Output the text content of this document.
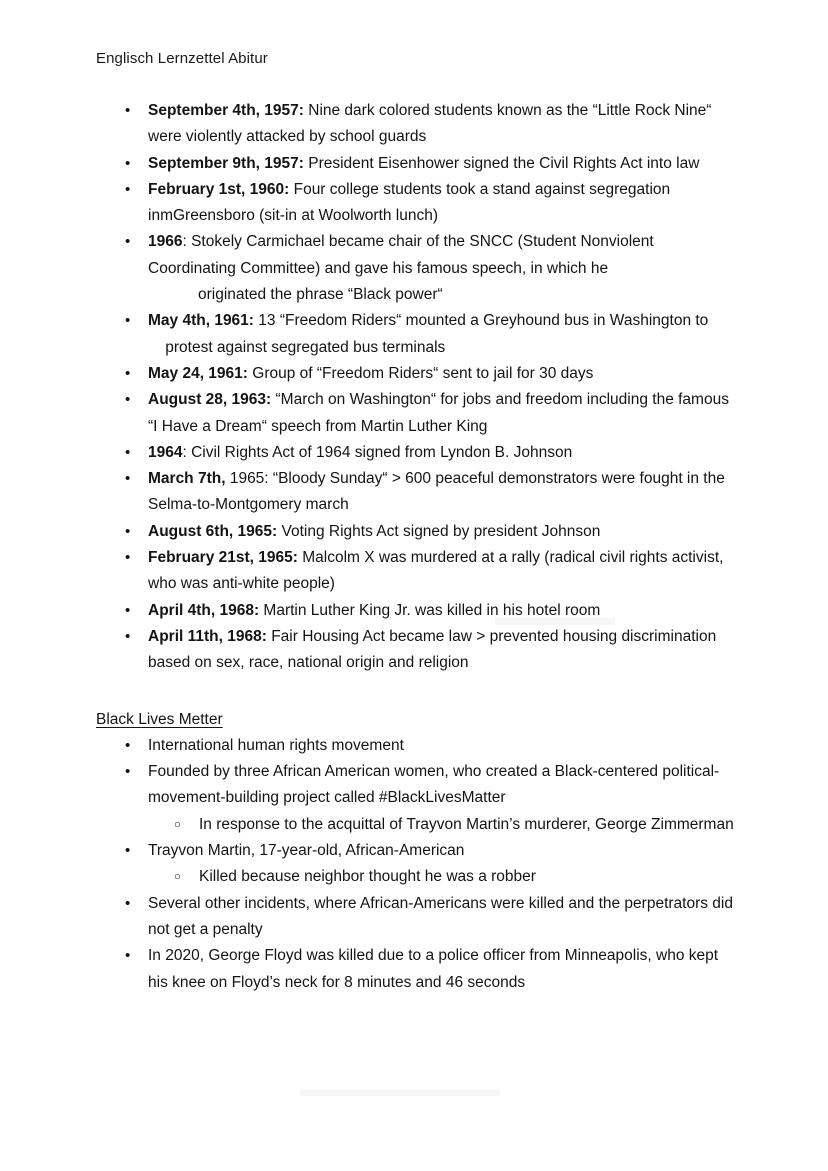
Englisch Lernzettel Abitur
• September 4th, 1957: Nine dark colored students known as the “Little Rock Nine“ were violently attacked by school guards
• September 9th, 1957: President Eisenhower signed the Civil Rights Act into law
• February 1st, 1960: Four college students took a stand against segregation inmGreensboro (sit-in at Woolworth lunch)
• 1966: Stokely Carmichael became chair of the SNCC (Student Nonviolent Coordinating Committee) and gave his famous speech, in which he
originated the phrase “Black power“
• May 4th, 1961: 13 “Freedom Riders“ mounted a Greyhound bus in Washington to    protest against segregated bus terminals
• May 24, 1961: Group of “Freedom Riders“ sent to jail for 30 days
• August 28, 1963: “March on Washington“ for jobs and freedom including the famous “I Have a Dream“ speech from Martin Luther King
• 1964: Civil Rights Act of 1964 signed from Lyndon B. Johnson
• March 7th, 1965: “Bloody Sunday“ > 600 peaceful demonstrators were fought in the Selma-to-Montgomery march
• August 6th, 1965: Voting Rights Act signed by president Johnson
• February 21st, 1965: Malcolm X was murdered at a rally (radical civil rights activist, who was anti-white people)
• April 4th, 1968: Martin Luther King Jr. was killed in his hotel room
• April 11th, 1968: Fair Housing Act became law > prevented housing discrimination based on sex, race, national origin and religion
Black Lives Metter
• International human rights movement
• Founded by three African American women, who created a Black-centered political-movement-building project called #BlackLivesMatter
○ In response to the acquittal of Trayvon Martin’s murderer, George Zimmerman
• Trayvon Martin, 17-year-old, African-American
○ Killed because neighbor thought he was a robber
• Several other incidents, where African-Americans were killed and the perpetrators did not get a penalty
• In 2020, George Floyd was killed due to a police officer from Minneapolis, who kept his knee on Floyd’s neck for 8 minutes and 46 seconds
